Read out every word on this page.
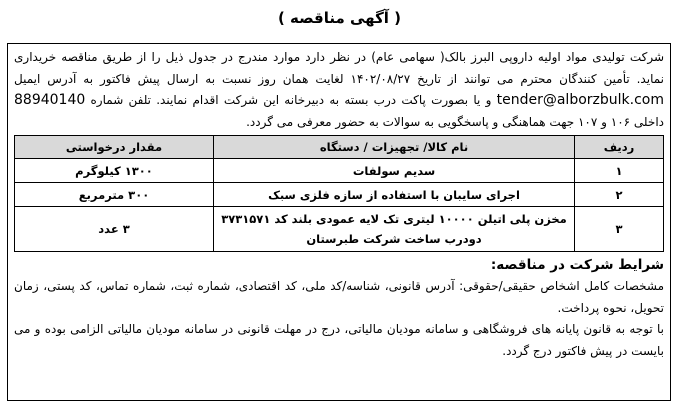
( آگهی مناقصه )

شرکت تولیدی مواد اولیه داروپی البرز بالک( سهامی عام) در نظر دارد موارد مندرج در جدول ذیل را از طریق مناقصه خریداری نماید. تأمین کنندگان محترم می توانند از تاریخ ۱۴۰۲/۰۸/۲۷ لغایت همان روز نسبت به ارسال پیش فاکتور به آدرس ایمیل tender@alborzbulk.com و یا بصورت پاکت درب بسته به دبیرخانه این شرکت اقدام نمایند. تلفن شماره 88940140 داخلی ۱۰۶ و ۱۰۷ جهت هماهنگی و پاسخگویی به سوالات به حضور معرفی می گردد.

ردیف	نام کالا/ تجهیزات / دستگاه	مقدار درخواستی
۱	سدیم سولفات	۱۳۰۰ کیلوگرم
۲	اجرای سایبان با استفاده از سازه فلزی سبک	۳۰۰ مترمربع
۳	مخزن پلی اتیلن ۱۰۰۰۰ لیتری تک لایه عمودی بلند کد ۳۷۳۱۵۷۱ دودرب ساخت شرکت طبرستان	۳ عدد
شرایط شرکت در مناقصه:

مشخصات کامل اشخاص حقیقی/حقوقی: آدرس قانونی، شناسه/کد ملی، کد اقتصادی، شماره ثبت، شماره تماس، کد پستی، زمان تحویل، نحوه پرداخت.

با توجه به قانون پایانه های فروشگاهی و سامانه مودیان مالیاتی، درج در مهلت قانونی در سامانه مودیان مالیاتی الزامی بوده و می بایست در پیش فاکتور درج گردد.
